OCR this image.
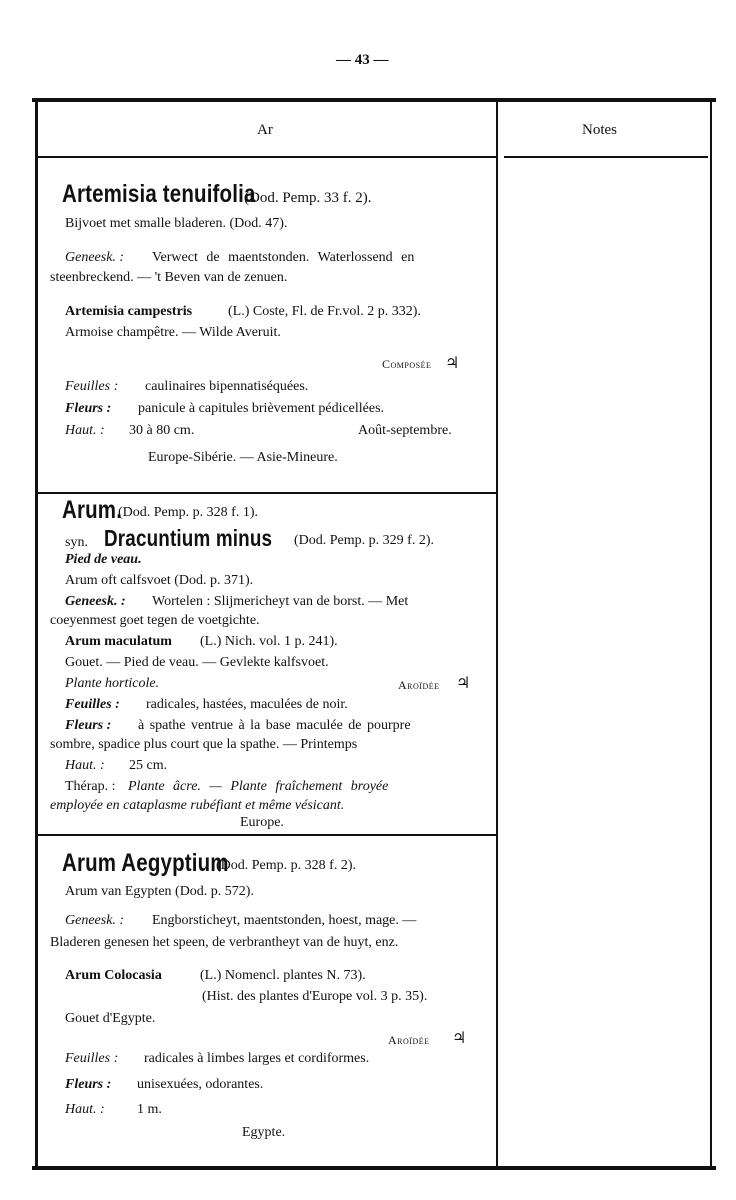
— 43 —
Ar	Notes
Artemisia tenuifolia
(Dod. Pemp. 33 f. 2).
Bijvoet met smalle bladeren. (Dod. 47).
Geneesk. : Verwect de maentstonden. Waterlossend en
steenbreckend. — 't Beven van de zenuen.
Artemisia campestris	(L.) Coste, Fl. de Fr.vol. 2 p. 332).
Armoise champêtre. — Wilde Averuit.
Composée ♃
Feuilles : caulinaires bipennatiséquées.
Fleurs : panicule à capitules brièvement pédicellées.
Haut. : 30 à 80 cm.	Août-septembre.
Europe-Sibérie. — Asie-Mineure.
Arum.
(Dod. Pemp. p. 328 f. 1).
syn. Dracuntium minus (Dod. Pemp. p. 329 f. 2).
Pied de veau.
Arum oft calfsvoet (Dod. p. 371).
Geneesk. : Wortelen : Slijmericheyt van de borst. — Met
coeyenmest goet tegen de voetgichte.
Arum maculatum (L.) Nich. vol. 1 p. 241).
Gouet. — Pied de veau. — Gevlekte kalfsvoet.
Plante horticole.	Aroïdée ♃
Feuilles : radicales, hastées, maculées de noir.
Fleurs : à spathe ventrue à la base maculée de pourpre
sombre, spadice plus court que la spathe. — Printemps
Haut. : 25 cm.
Thérap. : Plante âcre. — Plante fraîchement broyée
employée en cataplasme rubéfiant et même vésicant.
Europe.
Arum Aegyptium
(Dod. Pemp. p. 328 f. 2).
Arum van Egypten (Dod. p. 572).
Geneesk. : Engborsticheyt, maentstonden, hoest, mage. —
Bladeren genesen het speen, de verbrantheyt van de huyt, enz.
Arum Colocasia	(L.) Nomencl. plantes N. 73).
(Hist. des plantes d'Europe vol. 3 p. 35).
Gouet d'Egypte.
Aroïdée ♃
Feuilles : radicales à limbes larges et cordiformes.
Fleurs : unisexuées, odorantes.
Haut. : 1 m.
Egypte.
